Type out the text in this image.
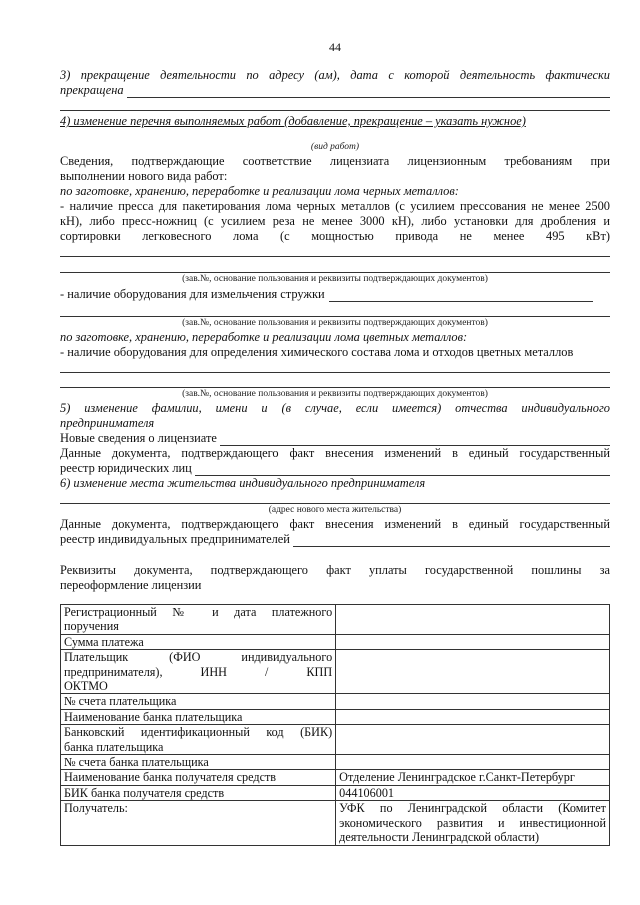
44
3) прекращение деятельности по адресу (ам), дата с которой деятельность фактически
прекращена
4) изменение перечня выполняемых работ (добавление, прекращение – указать нужное)
(вид работ)
Сведения, подтверждающие соответствие лицензиата лицензионным требованиям при
выполнении нового вида работ:
по заготовке, хранению, переработке и реализации лома черных металлов:
- наличие пресса для пакетирования лома черных металлов (с усилием прессования не менее 2500
кН), либо пресс-ножниц (с усилием реза не менее 3000 кН), либо установки для дробления и
сортировки легковесного лома (с мощностью привода не менее 495 кВт)
(зав.№, основание пользования и реквизиты подтверждающих документов)
- наличие оборудования для измельчения стружки
(зав.№, основание пользования и реквизиты подтверждающих документов)
по заготовке, хранению, переработке и реализации лома цветных металлов:
- наличие оборудования для определения химического состава лома и отходов цветных металлов
(зав.№, основание пользования и реквизиты подтверждающих документов)
5) изменение фамилии, имени и (в случае, если имеется) отчества индивидуального
предпринимателя
Новые сведения о лицензиате
Данные документа, подтверждающего факт внесения изменений в единый государственный
реестр юридических лиц
6) изменение места жительства индивидуального предпринимателя
(адрес нового места жительства)
Данные документа, подтверждающего факт внесения изменений в единый государственный
реестр индивидуальных предпринимателей
Реквизиты документа, подтверждающего факт уплаты государственной пошлины за
переоформление лицензии
Регистрационный № и дата платежного
поручения	

Сумма платежа	

Плательщик (ФИО индивидуального
предпринимателя), ИНН / КПП
ОКТМО	

№ счета плательщика	

Наименование банка плательщика	

Банковский идентификационный код (БИК)
банка плательщика	

№ счета банка плательщика	

Наименование банка получателя средств	Отделение Ленинградское г.Санкт-Петербург

БИК банка получателя средств	044106001

Получатель:	УФК по Ленинградской области (Комитет
экономического развития и инвестиционной
деятельности Ленинградской области)
